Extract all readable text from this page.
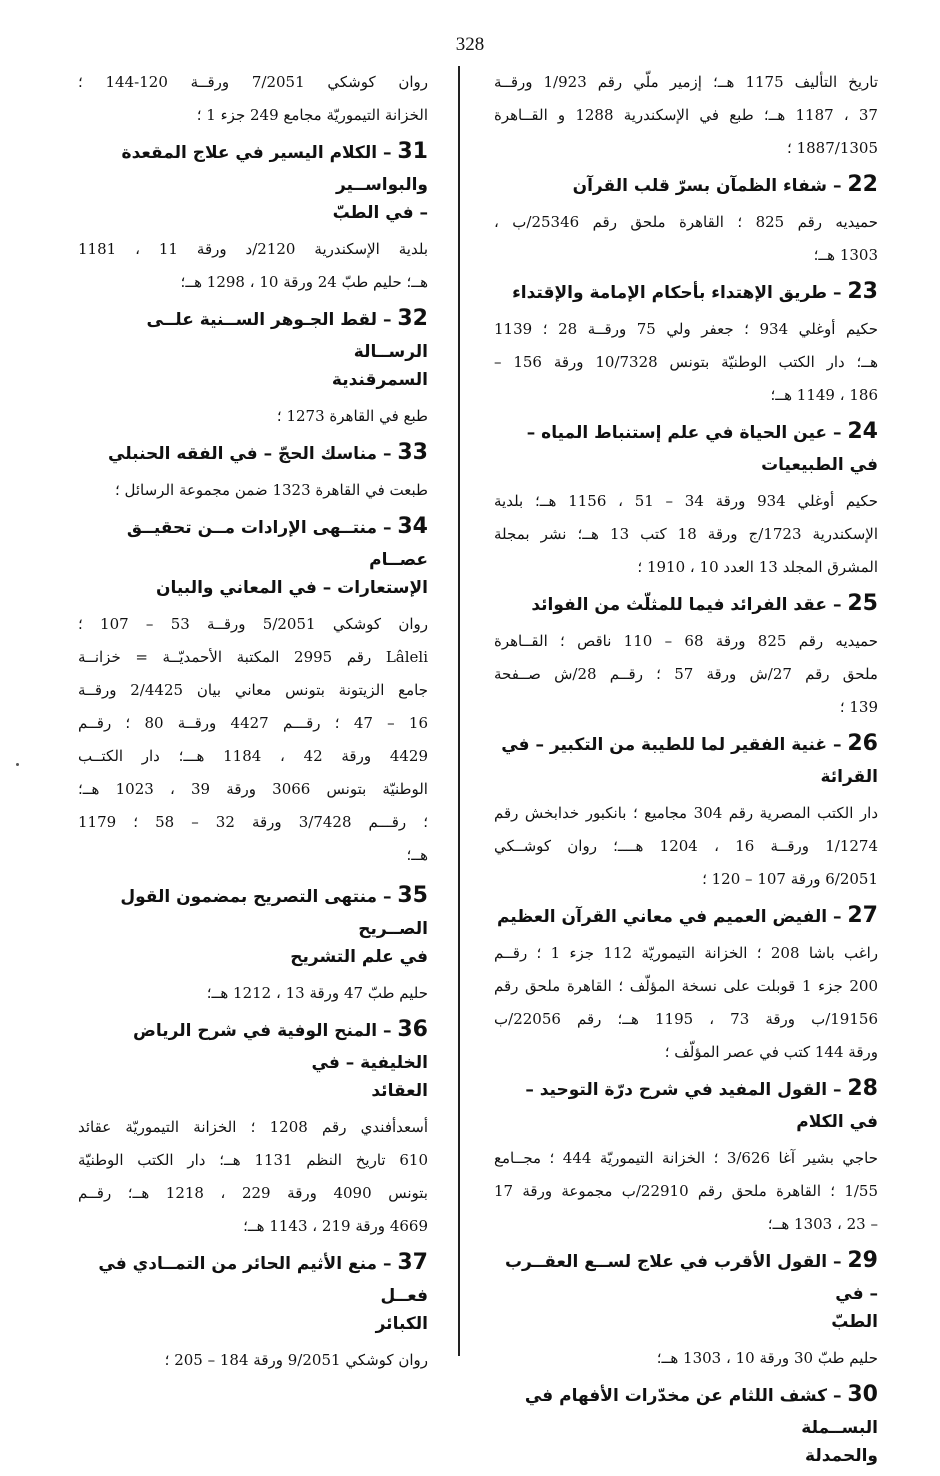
328
تاريخ التأليف 1175 هــ؛ إزمير ملّي رقم 1/923 ورقــة
37 ، 1187 هــ؛ طبع في الإسكندرية 1288 و القــاهرة
1887/1305 ؛
22 – شفاء الظمآن بسرّ قلب القرآن
حميديه رقم 825 ؛ القاهرة ملحق رقم 25346/ب ،
1303 هــ؛
23 – طريق الإهتداء بأحكام الإمامة والإقتداء
حكيم أوغلي 934 ؛ جعفر ولي 75 ورقــة 28 ؛ 1139
هــ؛ دار الكتب الوطنيّة بتونس 10/7328 ورقة 156 –
186 ، 1149 هــ؛
24 – عين الحياة في علم إستنباط المياه – في الطبيعيات
حكيم أوغلي 934 ورقة 34 – 51 ، 1156 هــ؛ بلدية
الإسكندرية 1723/ج ورقة 18 كتب 13 هــ؛ نشر بمجلة
المشرق المجلد 13 العدد 10 ، 1910 ؛
25 – عقد الفرائد فيما للمثلّث من الفوائد
حميديه رقم 825 ورقة 68 – 110 ناقص ؛ القــاهرة
ملحق رقم 27/ش ورقة 57 ؛ رقــم 28/ش صــفحة
139 ؛
26 – غنية الفقير لما للطيبة من التكبير – في القرائة
دار الكتب المصرية رقم 304 مجاميع ؛ بانكبور خدابخش رقم
1/1274 ورقــة 16 ، 1204 هــــ؛ روان كوشــكي
6/2051 ورقة 107 – 120 ؛
27 – الفيض العميم في معاني القرآن العظيم
راغب باشا 208 ؛ الخزانة التيموريّة 112 جزء 1 ؛ رقــم
200 جزء 1 قوبلت على نسخة المؤلّف ؛ القاهرة ملحق رقم
19156/ب ورقة 73 ، 1195 هــ؛ رقم 22056/ب
ورقة 144 كتب في عصر المؤلّف ؛
28 – القول المفيد في شرح درّة التوحيد – في الكلام
حاجي بشير آغا 3/626 ؛ الخزانة التيموريّة 444 ؛ مجــامع
1/55 ؛ القاهرة ملحق رقم 22910/ب مجموعة ورقة 17
– 23 ، 1303 هــ؛
29 – القول الأقرب في علاج لســع العقــرب – في
الطبّ
حليم طبّ 30 ورقة 10 ، 1303 هــ؛
30 – كشف اللثام عن مخدّرات الأفهام في البســملة
والحمدلة
روان كوشكي 7/2051 ورقــة 120-144 ؛
الخزانة التيموريّة مجامع 249 جزء 1 ؛
31 – الكلام اليسير في علاج المقعدة والبواســير
– في الطبّ
بلدية الإسكندرية 2120/د ورقة 11 ، 1181
هــ؛ حليم طبّ 24 ورقة 10 ، 1298 هــ؛
32 – لقط الجـوهر الســنية علــى الرســالة
السمرقندية
طبع في القاهرة 1273 ؛
33 – مناسك الحجّ – في الفقه الحنبلي
طبعت في القاهرة 1323 ضمن مجموعة الرسائل ؛
34 – منتــهى الإرادات مــن تحقيــق عصــام
الإستعارات – في المعاني والبيان
روان كوشكي 5/2051 ورقــة 53 – 107 ؛
Lâleli رقم 2995 المكتبة الأحمديّــة = خزانــة
جامع الزيتونة بتونس معاني بيان 2/4425 ورقــة
16 – 47 ؛ رقـــم 4427 ورقــة 80 ؛ رقــم
4429 ورقة 42 ، 1184 هـــ؛ دار الكتــب
الوطنيّة بتونس 3066 ورقة 39 ، 1023 هــ؛
؛ رقـــم 3/7428 ورقة 32 – 58 ؛ 1179
هــ؛
35 – منتهى التصريح بمضمون القول الصــريح
في علم التشريح
حليم طبّ 47 ورقة 13 ، 1212 هــ؛
36 – المنح الوفية في شرح الرياض الخليفية – في
العقائد
أسعدأفندي رقم 1208 ؛ الخزانة التيموريّة عقائد
610 تاريخ النظم 1131 هــ؛ دار الكتب الوطنيّة
بتونس 4090 ورقة 229 ، 1218 هــ؛ رقــم
4669 ورقة 219 ، 1143 هــ؛
37 – منع الأثيم الحائر من التمــادي في فعــل
الكبائر
روان كوشكي 9/2051 ورقة 184 – 205 ؛
